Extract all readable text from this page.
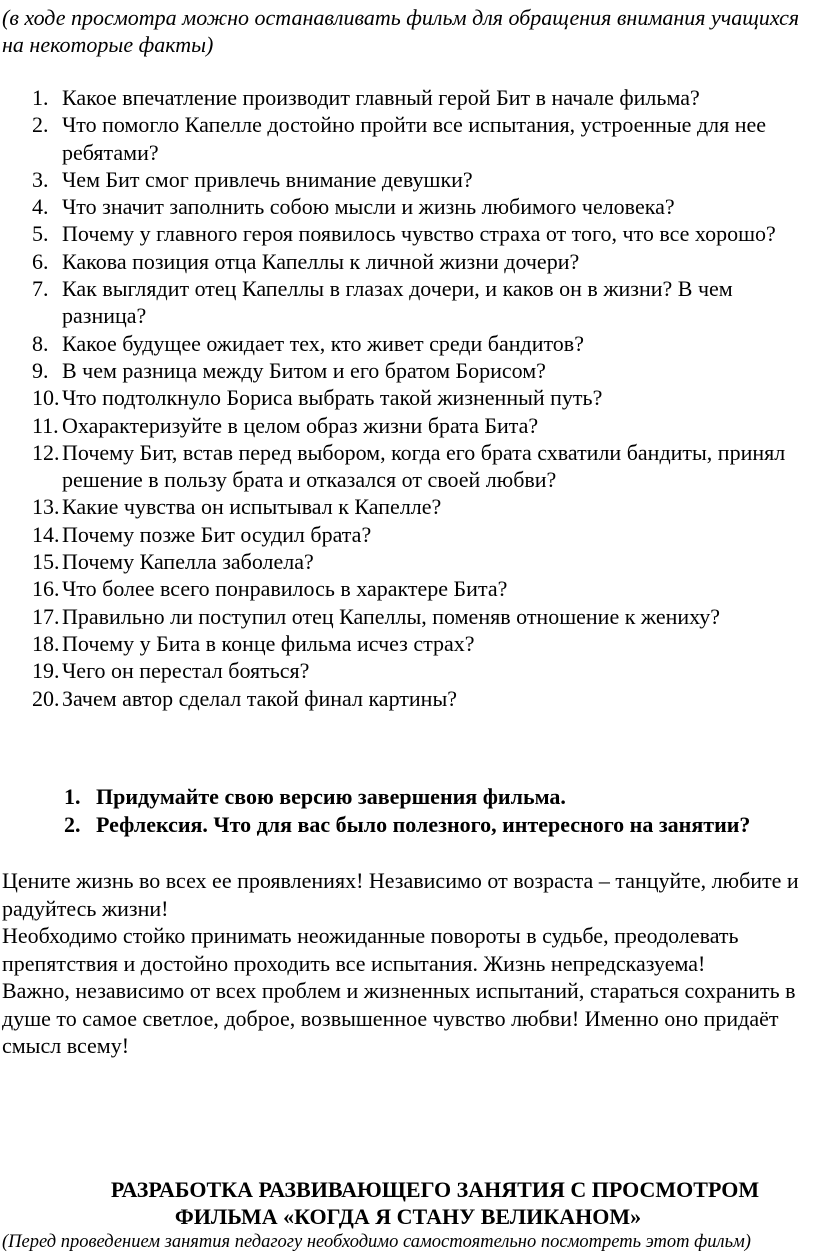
(в ходе просмотра можно останавливать фильм для обращения внимания учащихся на некоторые факты)
1. Какое впечатление производит главный герой Бит в начале фильма?
2. Что помогло Капелле достойно пройти все испытания, устроенные для нее ребятами?
3. Чем Бит смог привлечь внимание девушки?
4. Что значит заполнить собою мысли и жизнь любимого человека?
5. Почему у главного героя появилось чувство страха от того, что все хорошо?
6. Какова позиция отца Капеллы к личной жизни дочери?
7. Как выглядит отец Капеллы в глазах дочери, и каков он в жизни? В чем разница?
8. Какое будущее ожидает тех, кто живет среди бандитов?
9. В чем разница между Битом и его братом Борисом?
10. Что подтолкнуло Бориса выбрать такой жизненный путь?
11. Охарактеризуйте в целом образ жизни брата Бита?
12. Почему Бит, встав перед выбором, когда его брата схватили бандиты, принял решение в пользу брата и отказался от своей любви?
13. Какие чувства он испытывал к Капелле?
14. Почему позже Бит осудил брата?
15. Почему Капелла заболела?
16. Что более всего понравилось в характере Бита?
17. Правильно ли поступил отец Капеллы, поменяв отношение к жениху?
18. Почему у Бита в конце фильма исчез страх?
19. Чего он перестал бояться?
20. Зачем автор сделал такой финал картины?
1. Придумайте свою версию завершения фильма.
2. Рефлексия. Что для вас было полезного, интересного на занятии?

Цените жизнь во всех ее проявлениях! Независимо от возраста – танцуйте, любите и радуйтесь жизни!

Необходимо стойко принимать неожиданные повороты в судьбе, преодолевать препятствия и достойно проходить все испытания. Жизнь непредсказуема!

Важно, независимо от всех проблем и жизненных испытаний, стараться сохранить в душе то самое светлое, доброе, возвышенное чувство любви! Именно оно придаёт смысл всему!

РАЗРАБОТКА РАЗВИВАЮЩЕГО ЗАНЯТИЯ С ПРОСМОТРОМ
ФИЛЬМА «КОГДА Я СТАНУ ВЕЛИКАНОМ»
(Перед проведением занятия педагогу необходимо самостоятельно посмотреть этот фильм)
